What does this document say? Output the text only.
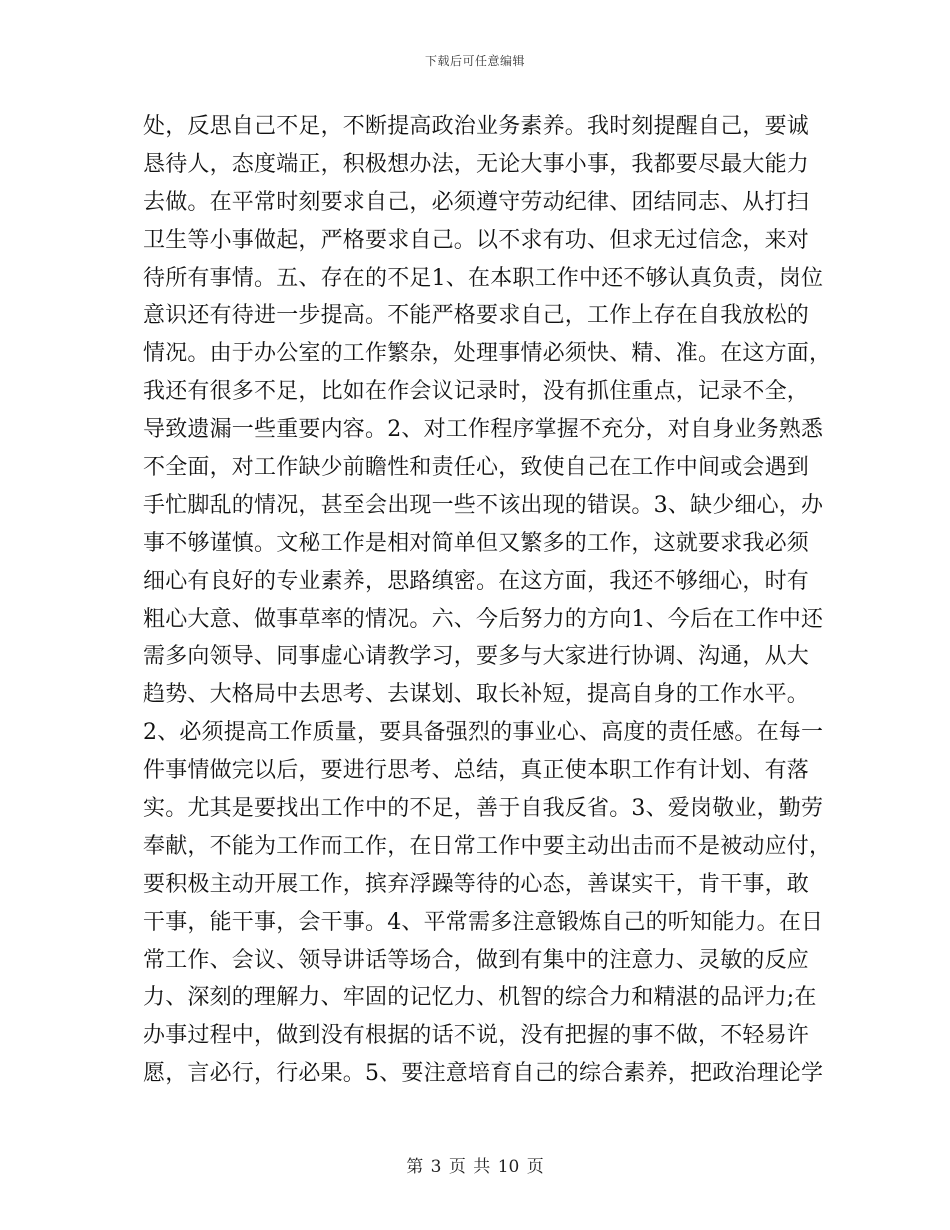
下载后可任意编辑
处，反思自己不足，不断提高政治业务素养。我时刻提醒自己，要诚
恳待人，态度端正，积极想办法，无论大事小事，我都要尽最大能力
去做。在平常时刻要求自己，必须遵守劳动纪律、团结同志、从打扫
卫生等小事做起，严格要求自己。以不求有功、但求无过信念，来对
待所有事情。五、存在的不足1、在本职工作中还不够认真负责，岗位
意识还有待进一步提高。不能严格要求自己，工作上存在自我放松的
情况。由于办公室的工作繁杂，处理事情必须快、精、准。在这方面，
我还有很多不足，比如在作会议记录时，没有抓住重点，记录不全，
导致遗漏一些重要内容。2、对工作程序掌握不充分，对自身业务熟悉
不全面，对工作缺少前瞻性和责任心，致使自己在工作中间或会遇到
手忙脚乱的情况，甚至会出现一些不该出现的错误。3、缺少细心，办
事不够谨慎。文秘工作是相对简单但又繁多的工作，这就要求我必须
细心有良好的专业素养，思路缜密。在这方面，我还不够细心，时有
粗心大意、做事草率的情况。六、今后努力的方向1、今后在工作中还
需多向领导、同事虚心请教学习，要多与大家进行协调、沟通，从大
趋势、大格局中去思考、去谋划、取长补短，提高自身的工作水平。
2、必须提高工作质量，要具备强烈的事业心、高度的责任感。在每一
件事情做完以后，要进行思考、总结，真正使本职工作有计划、有落
实。尤其是要找出工作中的不足，善于自我反省。3、爱岗敬业，勤劳
奉献，不能为工作而工作，在日常工作中要主动出击而不是被动应付，
要积极主动开展工作，摈弃浮躁等待的心态，善谋实干，肯干事，敢
干事，能干事，会干事。4、平常需多注意锻炼自己的听知能力。在日
常工作、会议、领导讲话等场合，做到有集中的注意力、灵敏的反应
力、深刻的理解力、牢固的记忆力、机智的综合力和精湛的品评力;在
办事过程中，做到没有根据的话不说，没有把握的事不做，不轻易许
愿，言必行，行必果。5、要注意培育自己的综合素养，把政治理论学
第 3 页 共 10 页
